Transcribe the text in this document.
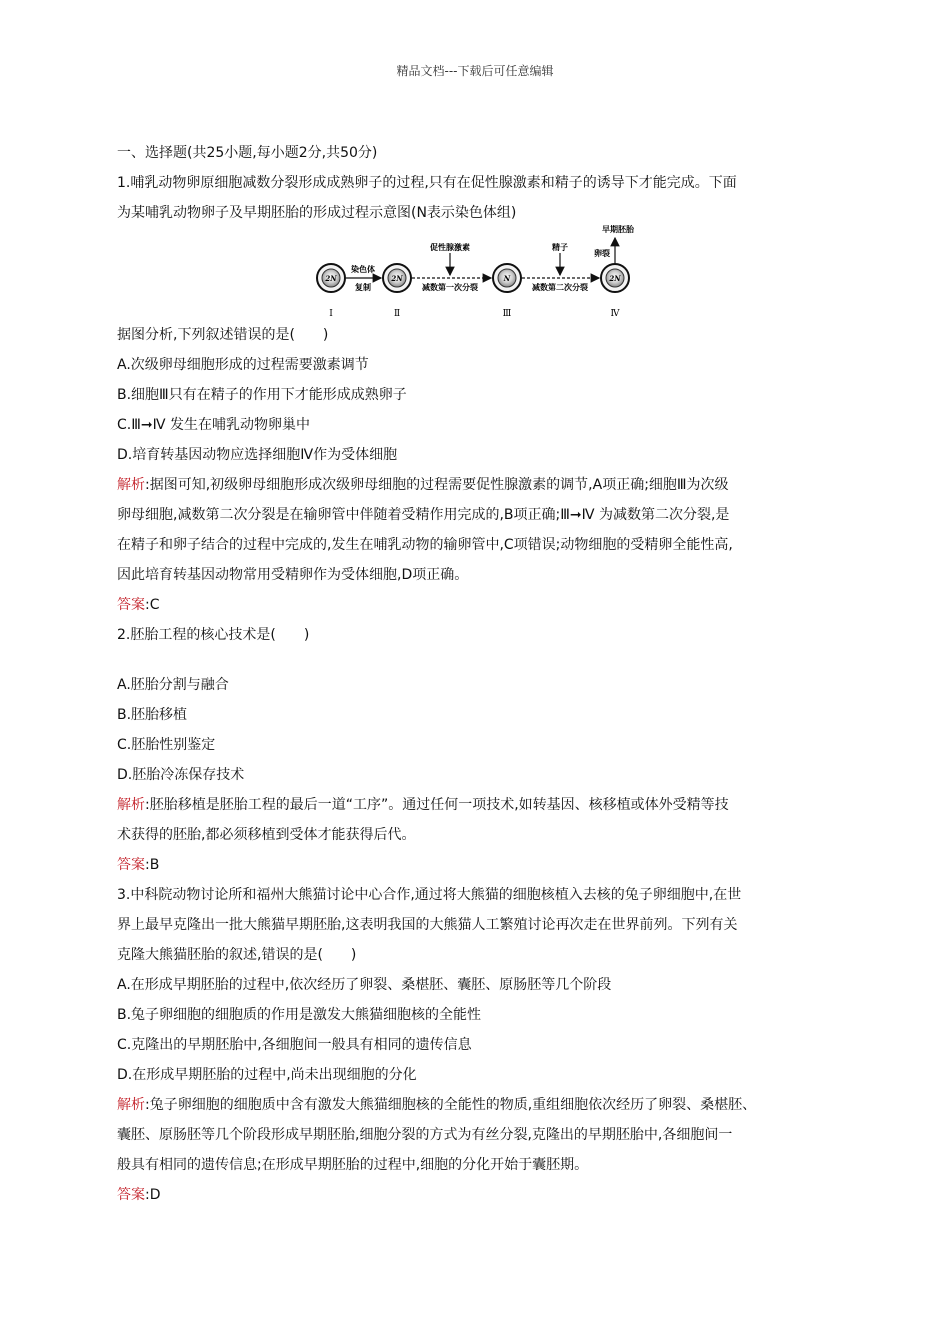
精品文档---下载后可任意编辑
一、选择题(共25小题,每小题2分,共50分)
1.哺乳动物卵原细胞减数分裂形成成熟卵子的过程,只有在促性腺激素和精子的诱导下才能完成。下面
为某哺乳动物卵子及早期胚胎的形成过程示意图(N表示染色体组)
2N	2N	N	2N
染色体
复制	减数第一次分裂
促性腺激素
减数第二次分裂
精子
早期胚胎
卵裂
Ⅰ	Ⅱ	Ⅲ	Ⅳ
据图分析,下列叙述错误的是(　　)
A.次级卵母细胞形成的过程需要激素调节
B.细胞Ⅲ只有在精子的作用下才能形成成熟卵子
C.Ⅲ➞Ⅳ 发生在哺乳动物卵巢中
D.培育转基因动物应选择细胞Ⅳ作为受体细胞
解析:据图可知,初级卵母细胞形成次级卵母细胞的过程需要促性腺激素的调节,A项正确;细胞Ⅲ为次级
卵母细胞,减数第二次分裂是在输卵管中伴随着受精作用完成的,B项正确;Ⅲ➞Ⅳ 为减数第二次分裂,是
在精子和卵子结合的过程中完成的,发生在哺乳动物的输卵管中,C项错误;动物细胞的受精卵全能性高,
因此培育转基因动物常用受精卵作为受体细胞,D项正确。
答案:C
2.胚胎工程的核心技术是(　　)
A.胚胎分割与融合
B.胚胎移植
C.胚胎性别鉴定
D.胚胎冷冻保存技术
解析:胚胎移植是胚胎工程的最后一道“工序”。通过任何一项技术,如转基因、核移植或体外受精等技
术获得的胚胎,都必须移植到受体才能获得后代。
答案:B
3.中科院动物讨论所和福州大熊猫讨论中心合作,通过将大熊猫的细胞核植入去核的兔子卵细胞中,在世
界上最早克隆出一批大熊猫早期胚胎,这表明我国的大熊猫人工繁殖讨论再次走在世界前列。下列有关
克隆大熊猫胚胎的叙述,错误的是(　　)
A.在形成早期胚胎的过程中,依次经历了卵裂、桑椹胚、囊胚、原肠胚等几个阶段
B.兔子卵细胞的细胞质的作用是激发大熊猫细胞核的全能性
C.克隆出的早期胚胎中,各细胞间一般具有相同的遗传信息
D.在形成早期胚胎的过程中,尚未出现细胞的分化
解析:兔子卵细胞的细胞质中含有激发大熊猫细胞核的全能性的物质,重组细胞依次经历了卵裂、桑椹胚、
囊胚、原肠胚等几个阶段形成早期胚胎,细胞分裂的方式为有丝分裂,克隆出的早期胚胎中,各细胞间一
般具有相同的遗传信息;在形成早期胚胎的过程中,细胞的分化开始于囊胚期。
答案:D
